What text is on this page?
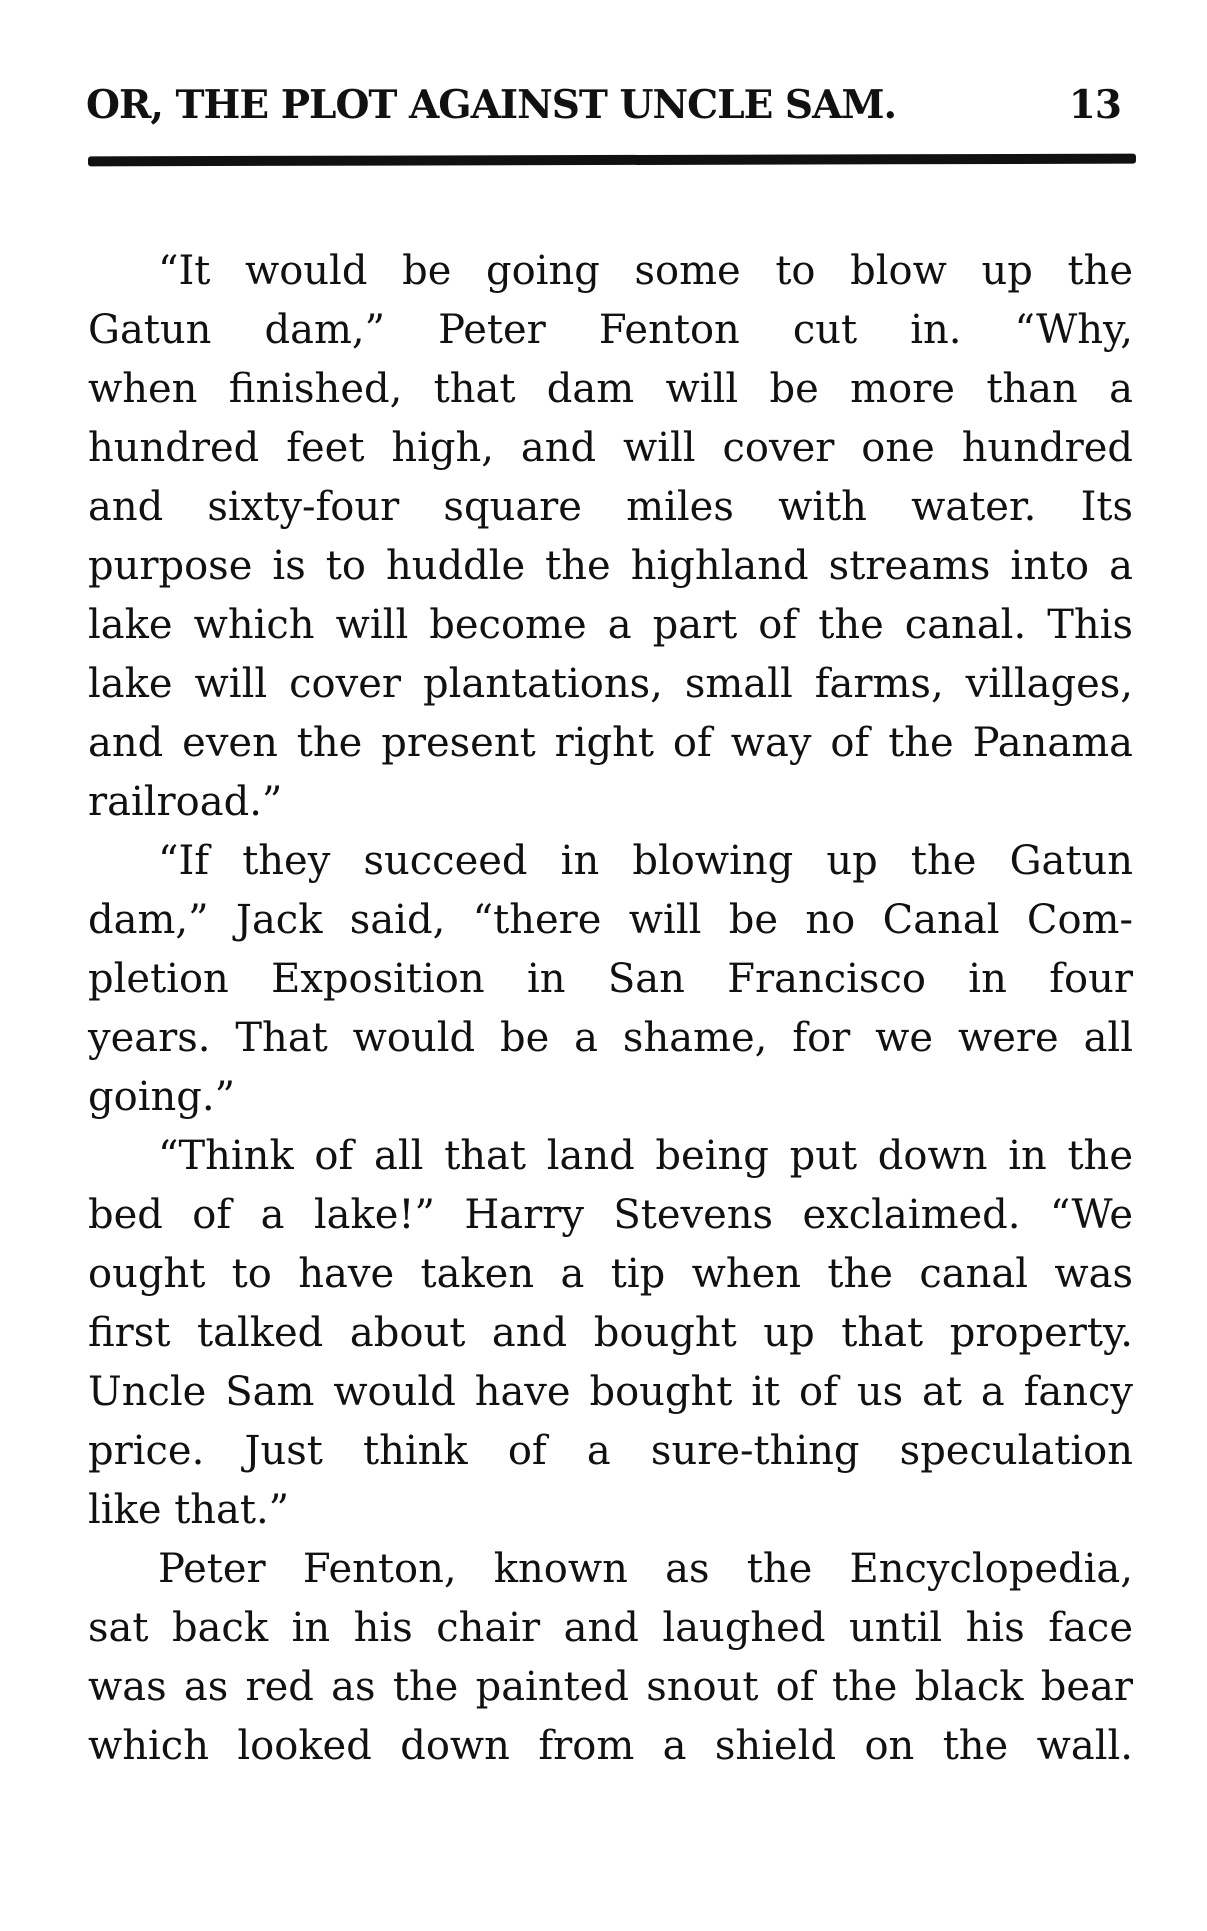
OR, THE PLOT AGAINST UNCLE SAM.	13
“It would be going some to blow up the
Gatun dam,” Peter Fenton cut in. “Why,
when finished, that dam will be more than a
hundred feet high, and will cover one hundred
and sixty-four square miles with water. Its
purpose is to huddle the highland streams into a
lake which will become a part of the canal. This
lake will cover plantations, small farms, villages,
and even the present right of way of the Panama
railroad.”
“If they succeed in blowing up the Gatun
dam,” Jack said, “there will be no Canal Com-
pletion Exposition in San Francisco in four
years. That would be a shame, for we were all
going.”
“Think of all that land being put down in the
bed of a lake!” Harry Stevens exclaimed. “We
ought to have taken a tip when the canal was
first talked about and bought up that property.
Uncle Sam would have bought it of us at a fancy
price. Just think of a sure-thing speculation
like that.”
Peter Fenton, known as the Encyclopedia,
sat back in his chair and laughed until his face
was as red as the painted snout of the black bear
which looked down from a shield on the wall.
